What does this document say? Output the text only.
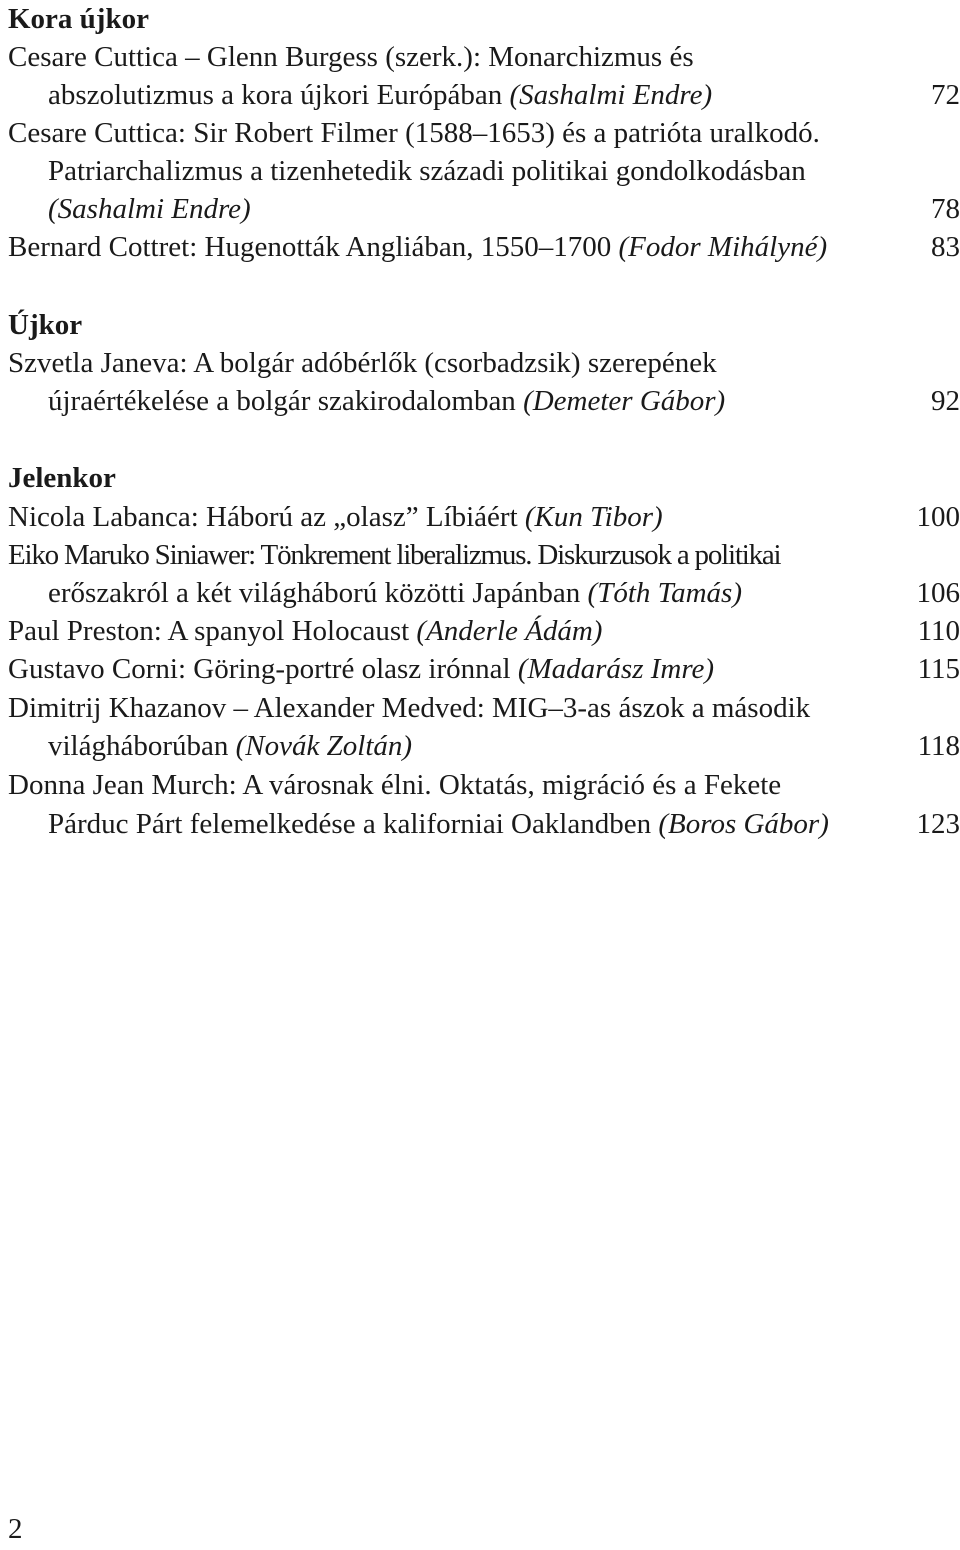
Kora újkor
Cesare Cuttica – Glenn Burgess (szerk.): Monarchizmus és
abszolutizmus a kora újkori Európában (Sashalmi Endre)	72
Cesare Cuttica: Sir Robert Filmer (1588–1653) és a patrióta uralkodó.
Patriarchalizmus a tizenhetedik századi politikai gondolkodásban
(Sashalmi Endre)	78
Bernard Cottret: Hugenották Angliában, 1550–1700 (Fodor Mihályné)	83
Újkor
Szvetla Janeva: A bolgár adóbérlők (csorbadzsik) szerepének
újraértékelése a bolgár szakirodalomban (Demeter Gábor)	92
Jelenkor
Nicola Labanca: Háború az „olasz” Líbiáért (Kun Tibor)	100
Eiko Maruko Siniawer: Tönkrement liberalizmus. Diskurzusok a politikai
erőszakról a két világháború közötti Japánban (Tóth Tamás)	106
Paul Preston: A spanyol Holocaust (Anderle Ádám)	110
Gustavo Corni: Göring-portré olasz irónnal (Madarász Imre)	115
Dimitrij Khazanov – Alexander Medved: MIG–3-as ászok a második
világháborúban (Novák Zoltán)	118
Donna Jean Murch: A városnak élni. Oktatás, migráció és a Fekete
Párduc Párt felemelkedése a kaliforniai Oaklandben (Boros Gábor)	123
2
